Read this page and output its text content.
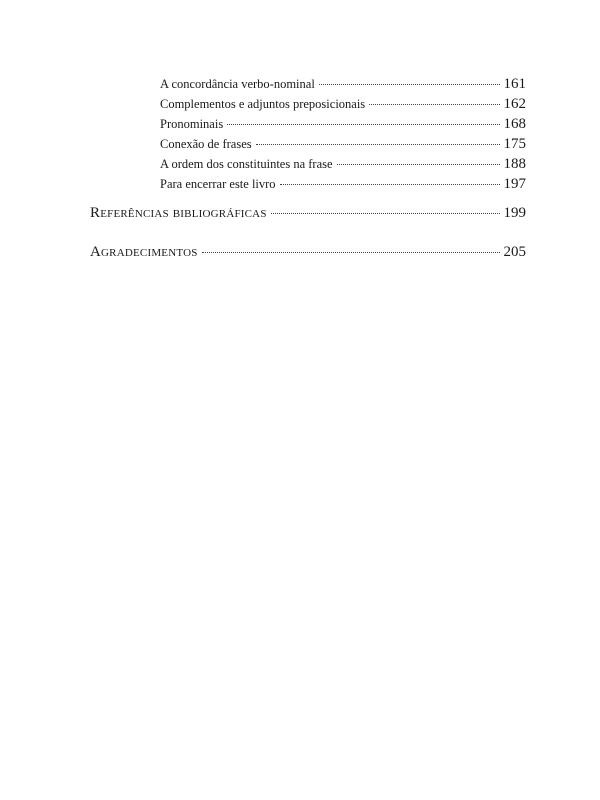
A concordância verbo-nominal	161
Complementos e adjuntos preposicionais	162
Pronominais	168
Conexão de frases	175
A ordem dos constituintes na frase	188
Para encerrar este livro	197
Referências bibliográficas	199
Agradecimentos	205
